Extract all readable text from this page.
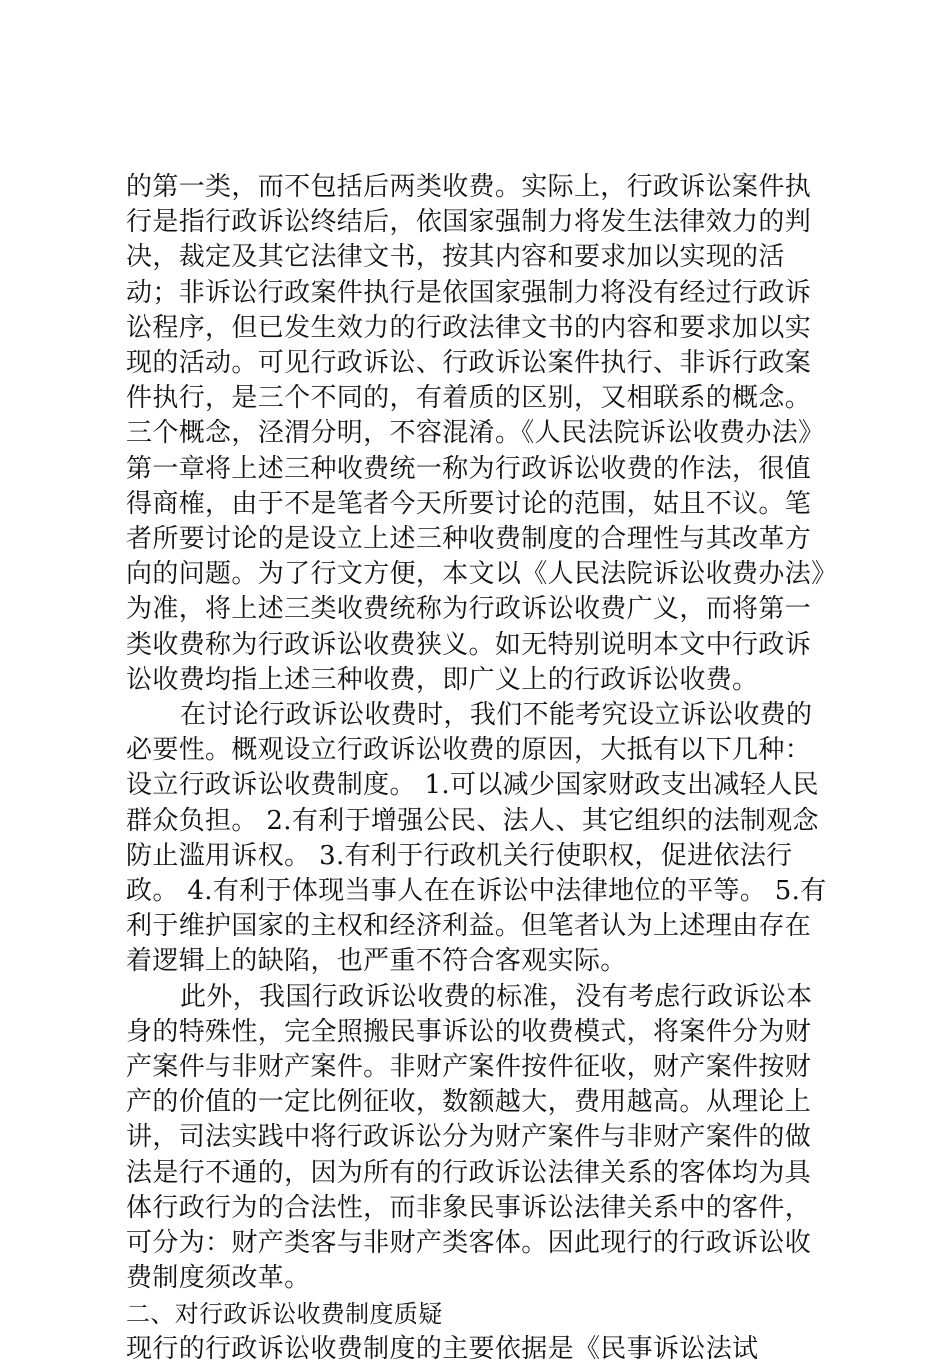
的第一类，而不包括后两类收费。实际上，行政诉讼案件执行是指行政诉讼终结后，依国家强制力将发生法律效力的判决，裁定及其它法律文书，按其内容和要求加以实现的活动；非诉讼行政案件执行是依国家强制力将没有经过行政诉讼程序，但已发生效力的行政法律文书的内容和要求加以实现的活动。可见行政诉讼、行政诉讼案件执行、非诉行政案件执行，是三个不同的，有着质的区别，又相联系的概念。三个概念，泾渭分明，不容混淆。《人民法院诉讼收费办法》第一章将上述三种收费统一称为行政诉讼收费的作法，很值得商榷，由于不是笔者今天所要讨论的范围，姑且不议。笔者所要讨论的是设立上述三种收费制度的合理性与其改革方向的问题。为了行文方便，本文以《人民法院诉讼收费办法》为准，将上述三类收费统称为行政诉讼收费广义，而将第一类收费称为行政诉讼收费狭义。如无特别说明本文中行政诉讼收费均指上述三种收费，即广义上的行政诉讼收费。

在讨论行政诉讼收费时，我们不能考究设立诉讼收费的必要性。概观设立行政诉讼收费的原因，大抵有以下几种：设立行政诉讼收费制度。 1.可以减少国家财政支出减轻人民群众负担。 2.有利于增强公民、法人、其它组织的法制观念防止滥用诉权。 3.有利于行政机关行使职权，促进依法行政。 4.有利于体现当事人在在诉讼中法律地位的平等。 5.有利于维护国家的主权和经济利益。但笔者认为上述理由存在着逻辑上的缺陷，也严重不符合客观实际。

此外，我国行政诉讼收费的标准，没有考虑行政诉讼本身的特殊性，完全照搬民事诉讼的收费模式，将案件分为财产案件与非财产案件。非财产案件按件征收，财产案件按财产的价值的一定比例征收，数额越大，费用越高。从理论上讲，司法实践中将行政诉讼分为财产案件与非财产案件的做法是行不通的，因为所有的行政诉讼法律关系的客体均为具体行政行为的合法性，而非象民事诉讼法律关系中的客件，可分为：财产类客与非财产类客体。因此现行的行政诉讼收费制度须改革。

二、对行政诉讼收费制度质疑

现行的行政诉讼收费制度的主要依据是《民事诉讼法试
